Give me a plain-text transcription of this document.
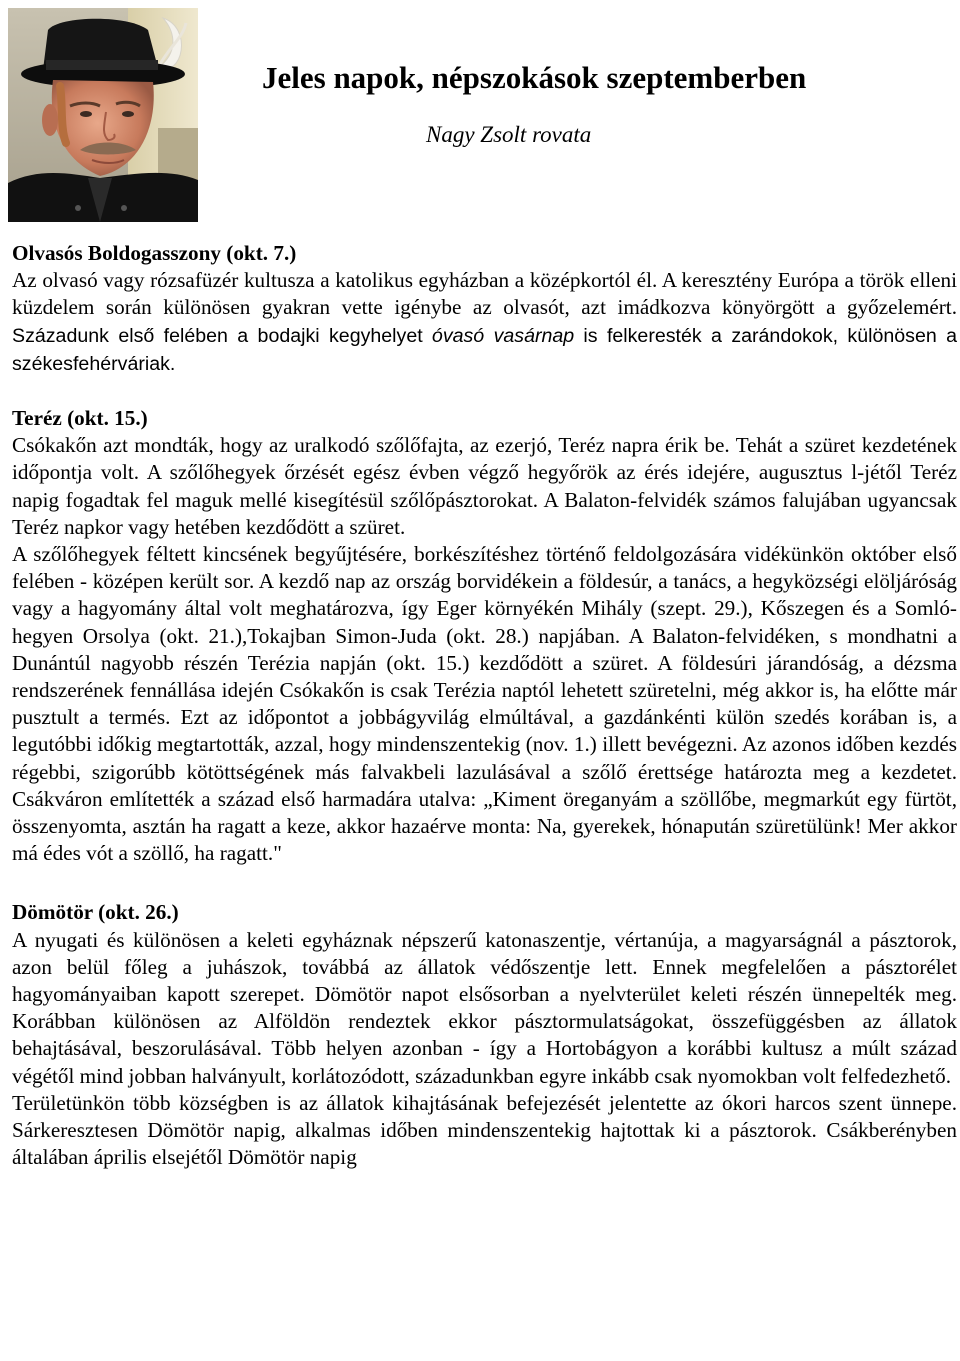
Jeles napok, népszokások szeptemberben

Nagy Zsolt rovata

Olvasós Boldogasszony (okt. 7.)

Az olvasó vagy rózsafüzér kultusza a katolikus egyházban a középkortól él. A keresztény Európa a török elleni küzdelem során különösen gyakran vette igénybe az olvasót, azt imádkozva könyörgött a győzelemért. Századunk első felében a bodajki kegyhelyet óvasó vasárnap is felkeresték a zarándokok, különösen a székesfehérváriak.

Teréz (okt. 15.)

Csókakőn azt mondták, hogy az uralkodó szőlőfajta, az ezerjó, Teréz napra érik be. Tehát a szüret kezdetének időpontja volt. A szőlőhegyek őrzését egész évben végző hegyőrök az érés idejére, augusztus l-jétől Teréz napig fogadtak fel maguk mellé kisegítésül szőlőpásztorokat. A Balaton-felvidék számos falujában ugyancsak Teréz napkor vagy hetében kezdődött a szüret.

A szőlőhegyek féltett kincsének begyűjtésére, borkészítéshez történő feldolgozására vidékünkön október első felében - középen került sor. A kezdő nap az ország borvidékein a földesúr, a tanács, a hegyközségi elöljáróság vagy a hagyomány által volt meghatározva, így Eger környékén Mihály (szept. 29.), Kőszegen és a Somló-hegyen Orsolya (okt. 21.),Tokajban Simon-Juda (okt. 28.) napjában. A Balaton-felvidéken, s mondhatni a Dunántúl nagyobb részén Terézia napján (okt. 15.) kezdődött a szüret. A földesúri járandóság, a dézsma rendszerének fennállása idején Csókakőn is csak Terézia naptól lehetett szüretelni, még akkor is, ha előtte már pusztult a termés. Ezt az időpontot a jobbágyvilág elmúltával, a gazdánkénti külön szedés korában is, a legutóbbi időkig megtartották, azzal, hogy mindenszentekig (nov. 1.) illett bevégezni. Az azonos időben kezdés régebbi, szigorúbb kötöttségének más falvakbeli lazulásával a szőlő érettsége határozta meg a kezdetet. Csákváron említették a század első harmadára utalva: „Kiment öreganyám a szöllőbe, megmarkút egy fürtöt, összenyomta, asztán ha ragatt a keze, akkor hazaérve monta: Na, gyerekek, hónapután szüretülünk! Mer akkor má édes vót a szöllő, ha ragatt."

Dömötör (okt. 26.)

A nyugati és különösen a keleti egyháznak népszerű katonaszentje, vértanúja, a magyarságnál a pásztorok, azon belül főleg a juhászok, továbbá az állatok védőszentje lett. Ennek megfelelően a pásztorélet hagyományaiban kapott szerepet. Dömötör napot elsősorban a nyelvterület keleti részén ünnepelték meg. Korábban különösen az Alföldön rendeztek ekkor pásztormulatságokat, összefüggésben az állatok behajtásával, beszorulásával. Több helyen azonban - így a Hortobágyon a korábbi kultusz a múlt század végétől mind jobban halványult, korlátozódott, századunkban egyre inkább csak nyomokban volt felfedezhető.

Területünkön több községben is az állatok kihajtásának befejezését jelentette az ókori harcos szent ünnepe. Sárkeresztesen Dömötör napig, alkalmas időben mindenszentekig hajtottak ki a pásztorok. Csákberényben általában április elsejétől Dömötör napig
